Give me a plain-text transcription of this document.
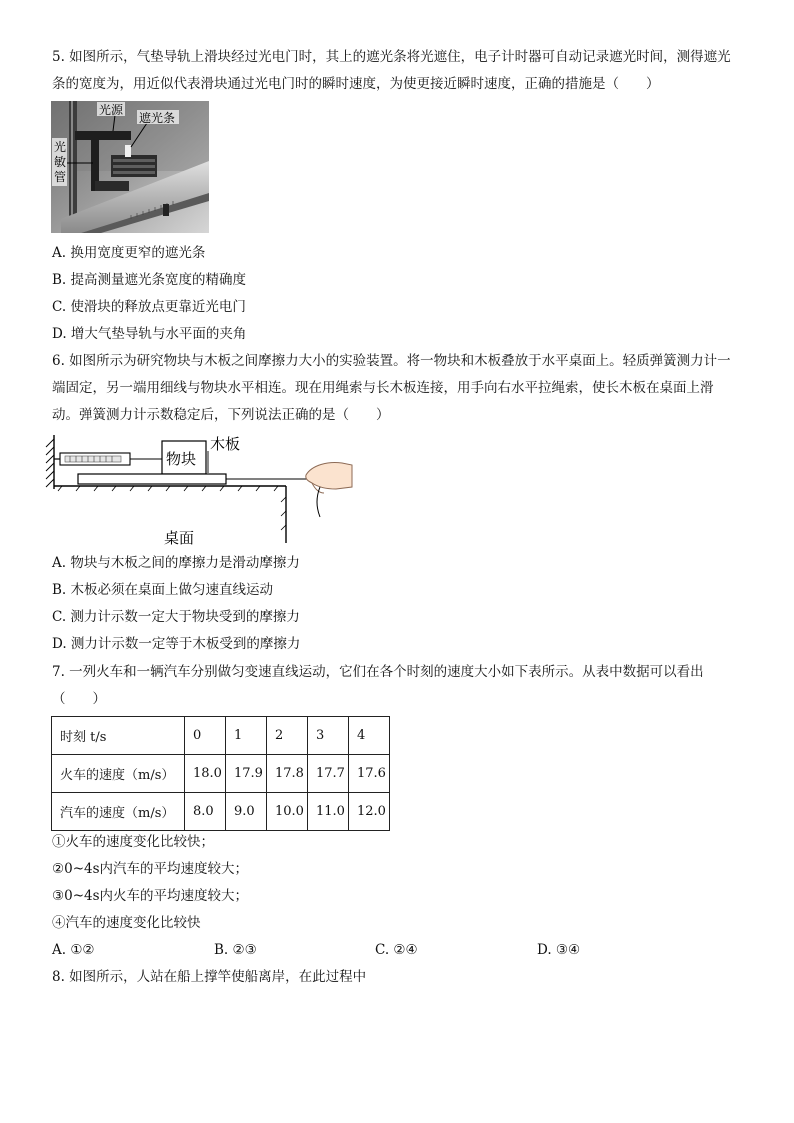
5. 如图所示，气垫导轨上滑块经过光电门时，其上的遮光条将光遮住，电子计时器可自动记录遮光时间，测得遮光
条的宽度为，用近似代表滑块通过光电门时的瞬时速度，为使更接近瞬时速度，正确的措施是（　　）
光源
遮光条
光敏管
A. 换用宽度更窄的遮光条
B. 提高测量遮光条宽度的精确度
C. 使滑块的释放点更靠近光电门
D. 增大气垫导轨与水平面的夹角
6. 如图所示为研究物块与木板之间摩擦力大小的实验装置。将一物块和木板叠放于水平桌面上。轻质弹簧测力计一
端固定，另一端用细线与物块水平相连。现在用绳索与长木板连接，用手向右水平拉绳索，使长木板在桌面上滑
动。弹簧测力计示数稳定后，下列说法正确的是（　　）
物块
木板
桌面
A. 物块与木板之间的摩擦力是滑动摩擦力
B. 木板必须在桌面上做匀速直线运动
C. 测力计示数一定大于物块受到的摩擦力
D. 测力计示数一定等于木板受到的摩擦力
7. 一列火车和一辆汽车分别做匀变速直线运动，它们在各个时刻的速度大小如下表所示。从表中数据可以看出
（　　）
时刻 t/s	0	1	2	3	4
火车的速度（m/s）	18.0	17.9	17.8	17.7	17.6
汽车的速度（m/s）	8.0	9.0	10.0	11.0	12.0
①火车的速度变化比较快；
②0~4s内汽车的平均速度较大；
③0~4s内火车的平均速度较大；
④汽车的速度变化比较快
A. ①②	B. ②③	C. ②④	D. ③④
8. 如图所示，人站在船上撑竿使船离岸，在此过程中
